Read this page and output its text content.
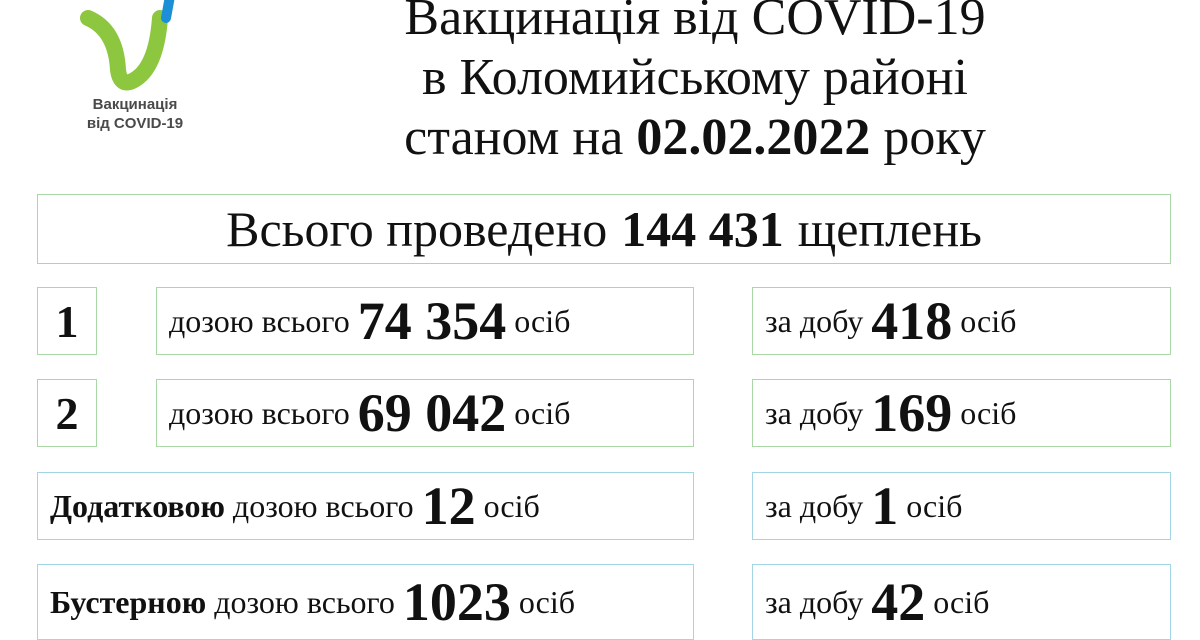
Вакцинація
від COVID-19
Вакцинація від COVID-19
в Коломийському районі
станом на 02.02.2022 року
Всього проведено 144 431 щеплень
1	дозою всього 74 354 осіб	за добу 418 осіб
2	дозою всього 69 042 осіб	за добу 169 осіб
Додатковою дозою всього 12 осіб	за добу 1 осіб
Бустерною дозою всього 1023 осіб	за добу 42 осіб
